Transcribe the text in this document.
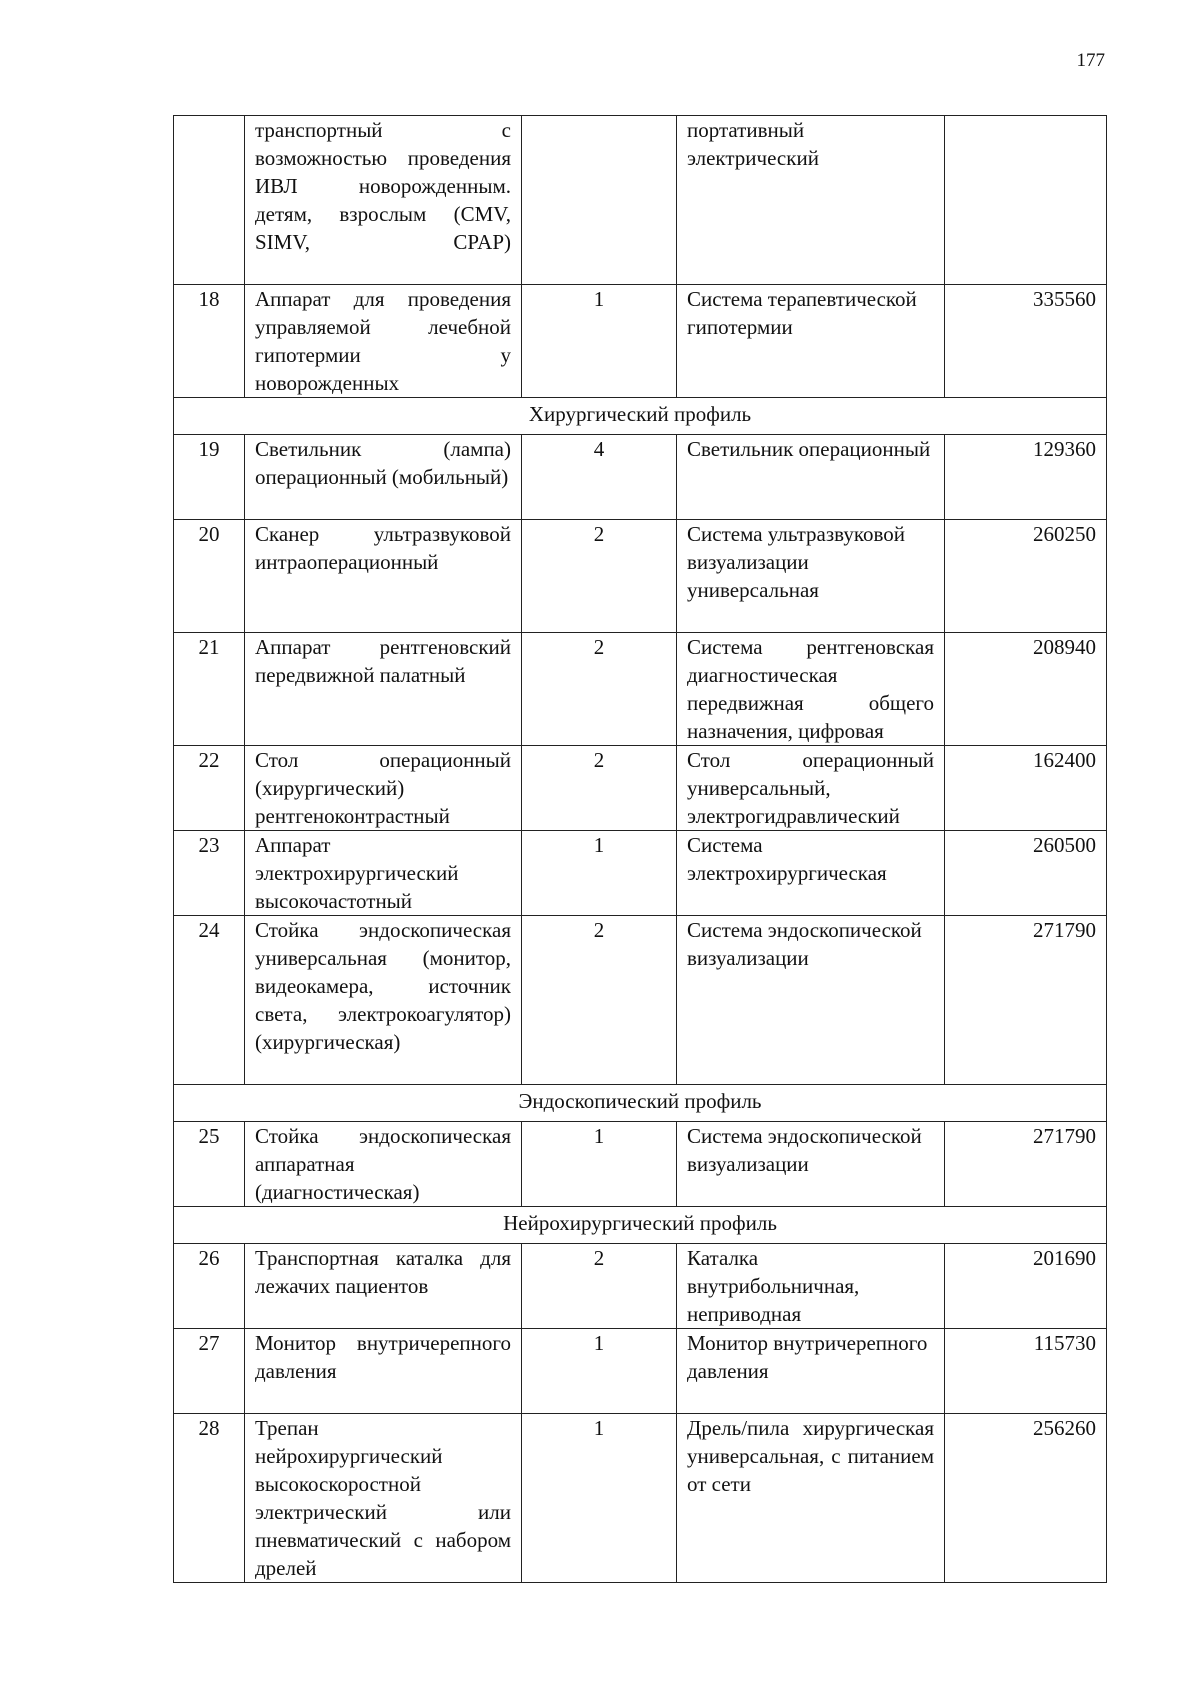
177
	транспортный с возможностью проведения ИВЛ новорожденным. детям, взрослым (CMV, SIMV, CPAP)		портативный электрический	
18	Аппарат для проведения управляемой лечебной гипотермии у новорожденных	1	Система терапевтической гипотермии	335560
Хирургический профиль				
19	Светильник (лампа) операционный (мобильный)	4	Светильник операционный	129360
20	Сканер ультразвуковой интраоперационный	2	Система ультразвуковой визуализации универсальная	260250
21	Аппарат рентгеновский передвижной палатный	2	Система рентгеновская диагностическая передвижная общего назначения, цифровая	208940
22	Стол операционный (хирургический) рентгеноконтрастный	2	Стол операционный универсальный, электрогидравлический	162400
23	Аппарат электрохирургический высокочастотный	1	Система электрохирургическая	260500
24	Стойка эндоскопическая универсальная (монитор, видеокамера, источник света, электрокоагулятор) (хирургическая)	2	Система эндоскопической визуализации	271790
Эндоскопический профиль				
25	Стойка эндоскопическая аппаратная (диагностическая)	1	Система эндоскопической визуализации	271790
Нейрохирургический профиль				
26	Транспортная каталка для лежачих пациентов	2	Каталка внутрибольничная, неприводная	201690
27	Монитор внутричерепного давления	1	Монитор внутричерепного давления	115730
28	Трепан нейрохирургический высокоскоростной электрический или пневматический с набором дрелей	1	Дрель/пила хирургическая универсальная, с питанием от сети	256260
